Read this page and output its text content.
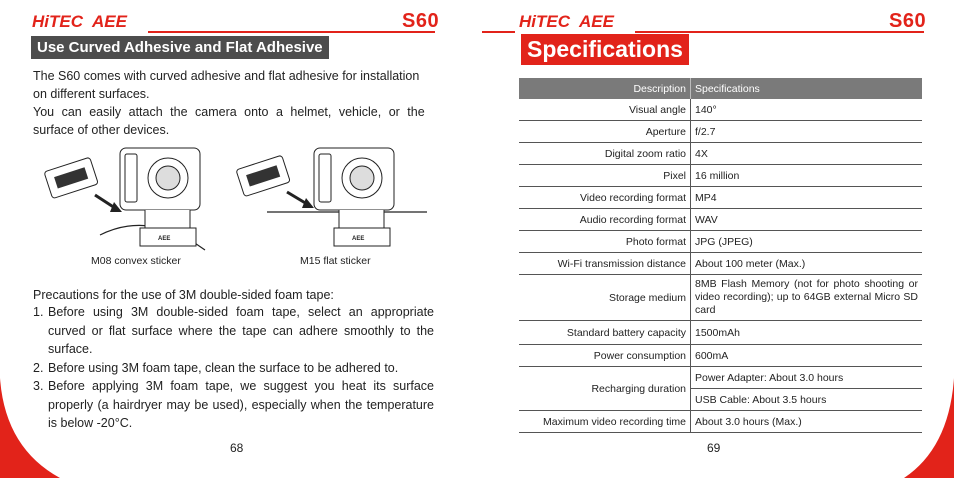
HiTEC AEE	S60
Use Curved Adhesive and Flat Adhesive

The S60 comes with curved adhesive and flat adhesive for installation

on different surfaces.

You can easily attach the camera onto a helmet, vehicle, or the

surface of other devices.

AEE
M08 convex sticker
AEE
M15 flat sticker

Precautions for the use of 3M double-sided foam tape:

1. Before using 3M double-sided foam tape, select an appropriate curved or flat surface where the tape can adhere smoothly to the surface.
2. Before using 3M foam tape, clean the surface to be adhered to.
3. Before applying 3M foam tape, we suggest you heat its surface properly (a hairdryer may be used), especially when the temperature is below -20°C.
68
HiTEC AEE	S60
Specifications
Description	Specifications
Visual angle	140°
Aperture	f/2.7
Digital zoom ratio	4X
Pixel	16 million
Video recording format	MP4
Audio recording format	WAV
Photo format	JPG (JPEG)
Wi-Fi transmission distance	About 100 meter (Max.)
Storage medium	8MB Flash Memory (not for photo shooting or video recording); up to 64GB external Micro SD card
Standard battery capacity	1500mAh
Power consumption	600mA
Recharging duration	Power Adapter: About 3.0 hours
	USB Cable: About 3.5 hours
Maximum video recording time	About 3.0 hours (Max.)
69
